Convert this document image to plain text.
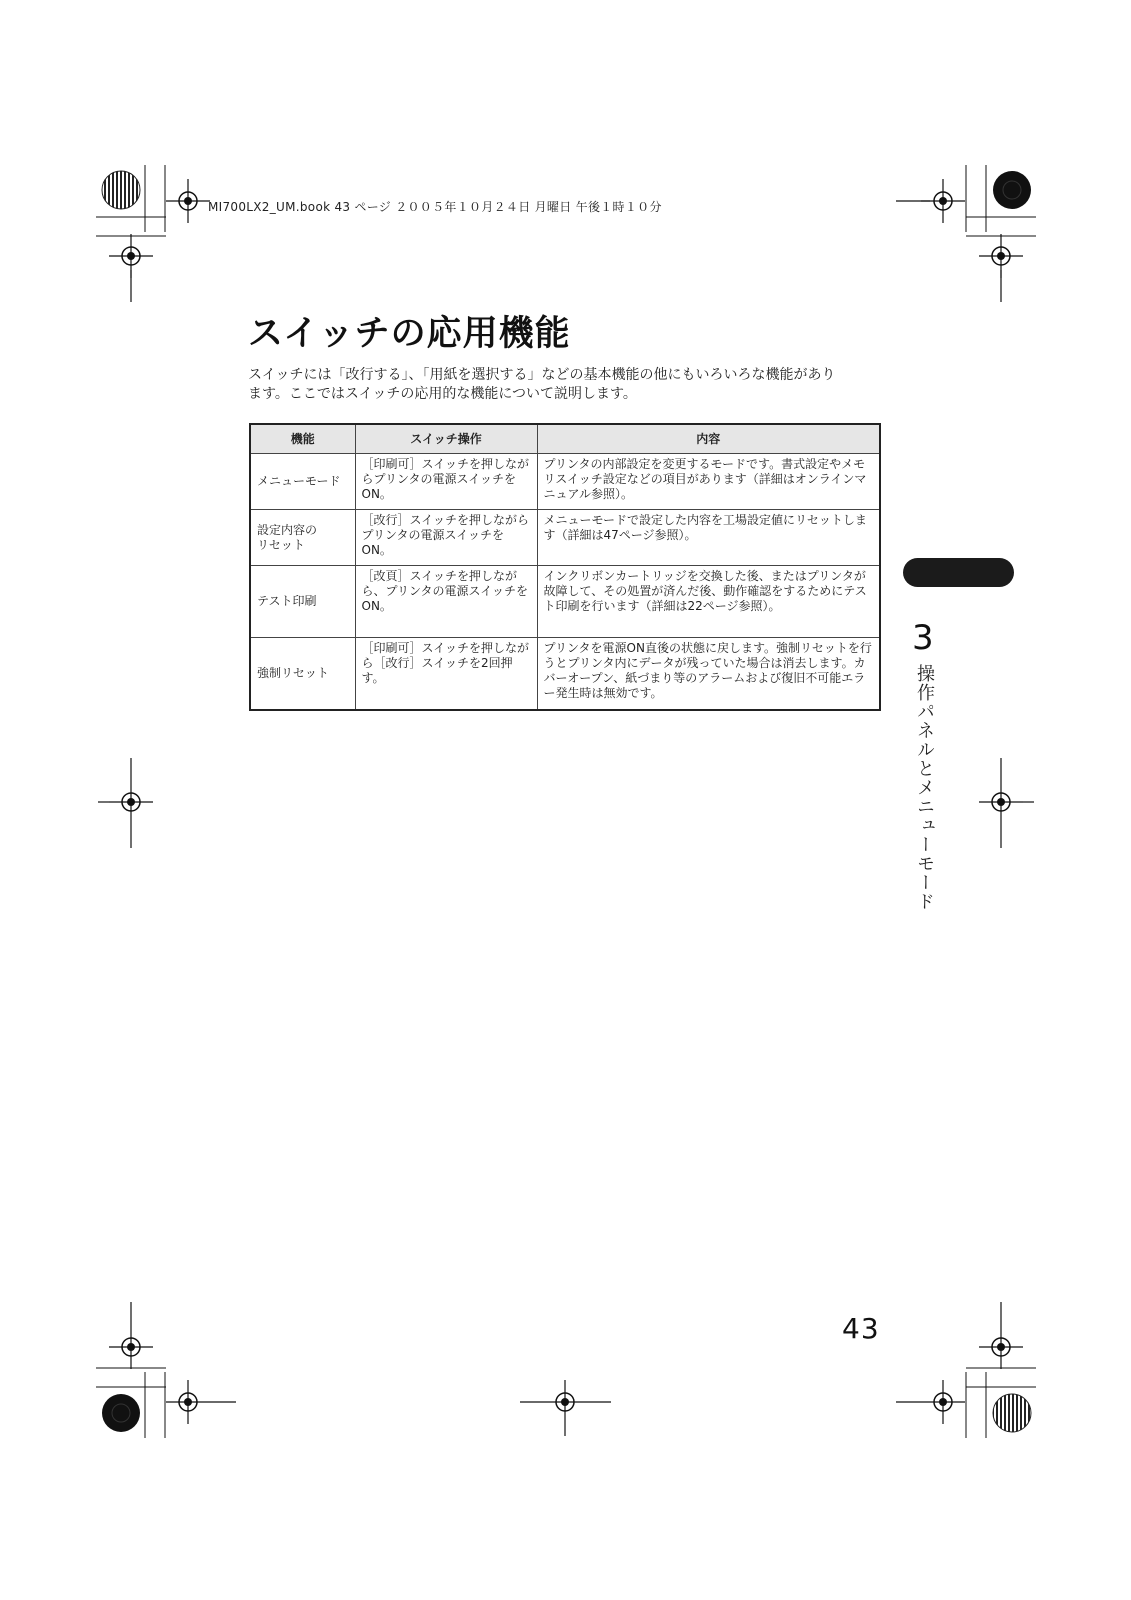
MI700LX2_UM.book 43 ページ ２００５年１０月２４日 月曜日 午後１時１０分
スイッチの応用機能
スイッチには「改行する」、「用紙を選択する」などの基本機能の他にもいろいろな機能があり
ます。ここではスイッチの応用的な機能について説明します。
機能	スイッチ操作	内容
メニューモード	［印刷可］スイッチを押しながらプリンタの電源スイッチをON。	プリンタの内部設定を変更するモードです。書式設定やメモリスイッチ設定などの項目があります（詳細はオンラインマニュアル参照）。
設定内容の
リセット	［改行］スイッチを押しながらプリンタの電源スイッチをON。	メニューモードで設定した内容を工場設定値にリセットします（詳細は47ページ参照）。
テスト印刷	［改頁］スイッチを押しながら、プリンタの電源スイッチをON。	インクリボンカートリッジを交換した後、またはプリンタが故障して、その処置が済んだ後、動作確認をするためにテスト印刷を行います（詳細は22ページ参照）。
強制リセット	［印刷可］スイッチを押しながら［改行］スイッチを2回押す。	プリンタを電源ON直後の状態に戻します。強制リセットを行うとプリンタ内にデータが残っていた場合は消去します。カバーオープン、紙づまり等のアラームおよび復旧不可能エラー発生時は無効です。
3
操作パネルとメニューモード
43
